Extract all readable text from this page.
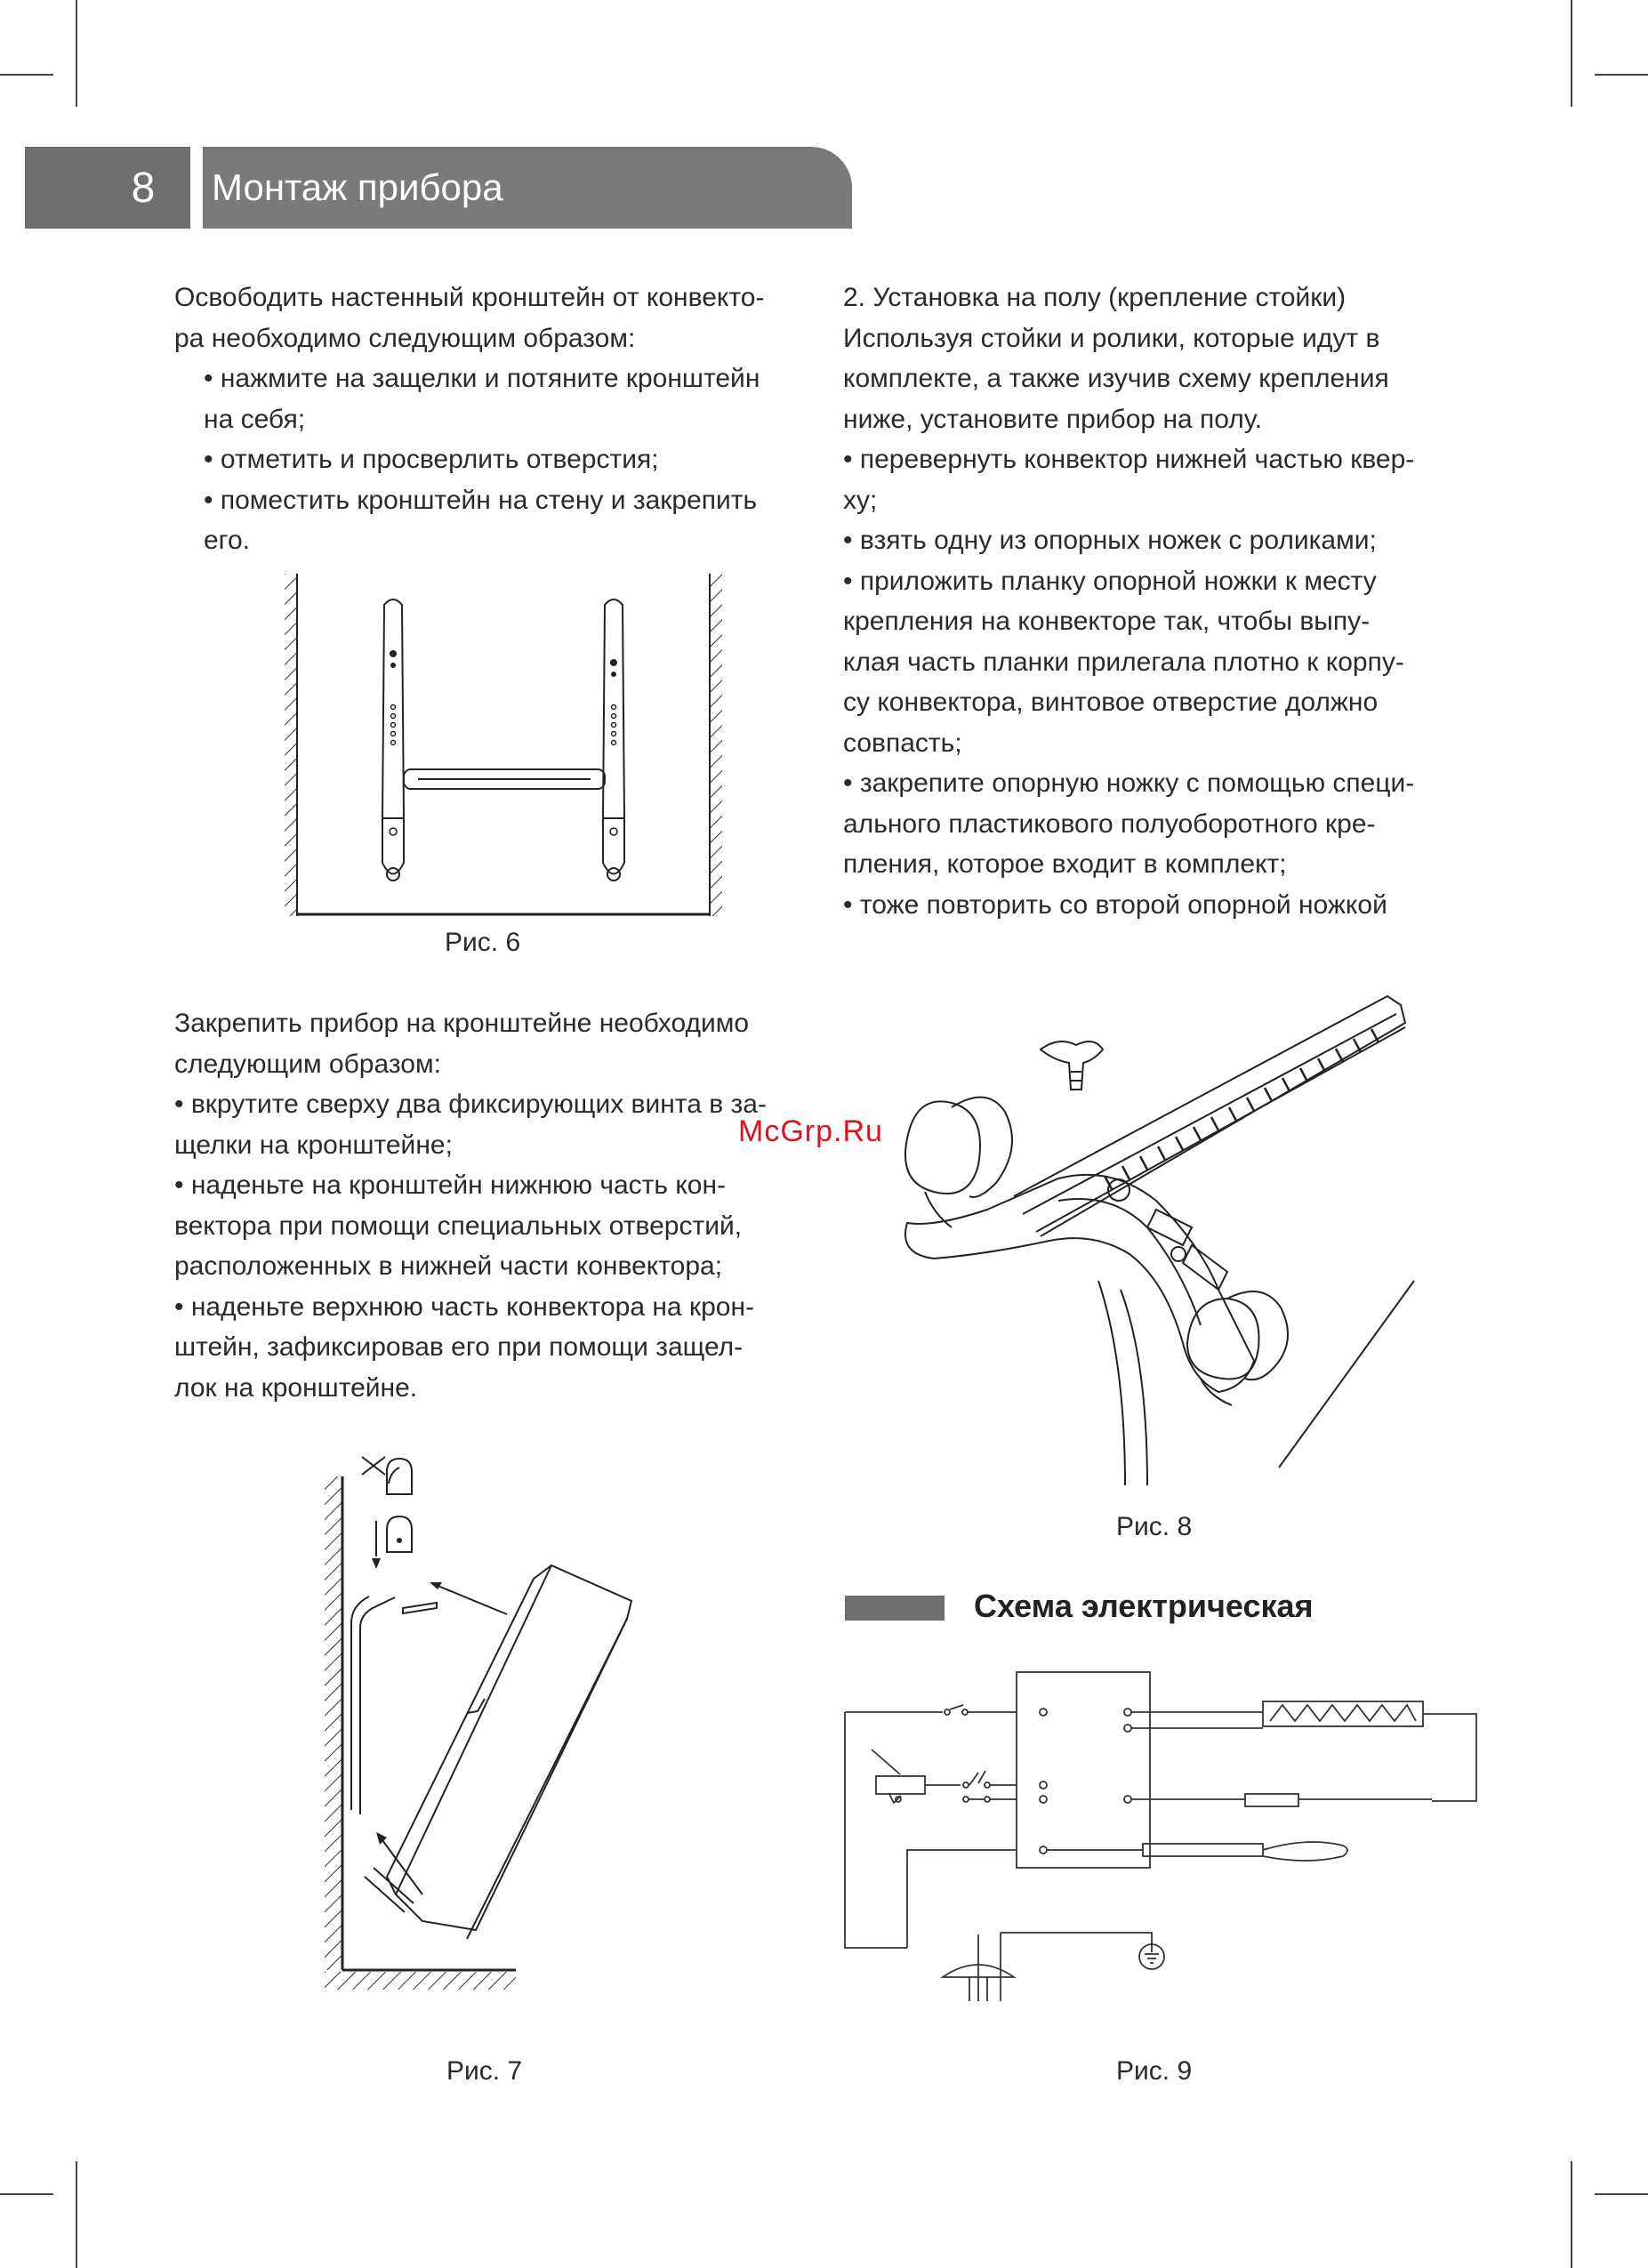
8	Монтаж прибора

Освободить настенный кронштейн от конвекто-

ра необходимо следующим образом:

• нажмите на защелки и потяните кронштейн

на себя;

• отметить и просверлить отверстия;

• поместить кронштейн на стену и закрепить

его.

Рис. 6

Закрепить прибор на кронштейне необходимо

следующим образом:

• вкрутите сверху два фиксирующих винта в за-

щелки на кронштейне;

• наденьте на кронштейн нижнюю часть кон-

вектора при помощи специальных отверстий,

расположенных в нижней части конвектора;

• наденьте верхнюю часть конвектора на крон-

штейн, зафиксировав его при помощи защел-

лок на кронштейне.

Рис. 7

2. Установка на полу (крепление стойки)

Используя стойки и ролики, которые идут в

комплекте, а также изучив схему крепления

ниже, установите прибор на полу.

• перевернуть конвектор нижней частью квер-

ху;

• взять одну из опорных ножек с роликами;

• приложить планку опорной ножки к месту

крепления на конвекторе так, чтобы выпу-

клая часть планки прилегала плотно к корпу-

су конвектора, винтовое отверстие должно

совпасть;

• закрепите опорную ножку с помощью специ-

ального пластикового полуоборотного кре-

пления, которое входит в комплект;

• тоже повторить со второй опорной ножкой

McGrp.Ru
Рис. 8
Схема электрическая
Рис. 9
